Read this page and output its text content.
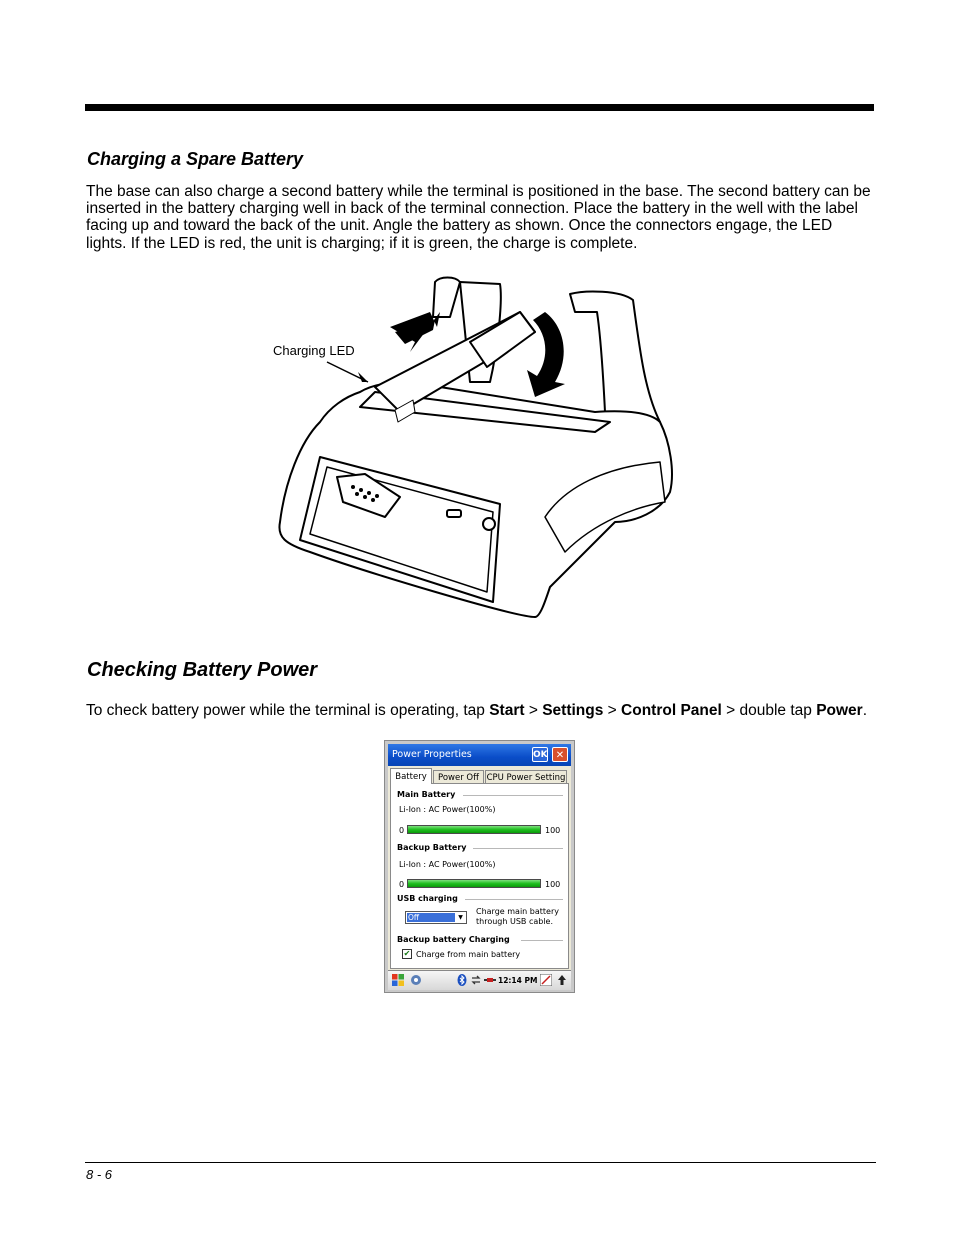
Charging a Spare Battery

The base can also charge a second battery while the terminal is positioned in the base. The second battery can be inserted in the battery charging well in back of the terminal connection. Place the battery in the well with the label facing up and toward the back of the unit. Angle the battery as shown. Once the connectors engage, the LED lights. If the LED is red, the unit is charging; if it is green, the charge is complete.

Charging LED
Checking Battery Power

To check battery power while the terminal is operating, tap Start > Settings > Control Panel > double tap Power.

Power Properties	OK ✕
Battery	Power Off CPU Power Setting
Main Battery
Li-Ion : AC Power(100%)
0	100
Backup Battery
Li-Ion : AC Power(100%)
0	100
USB charging
Off	▼
Charge main battery
through USB cable.
Backup battery Charging
✔ Charge from main battery
12:14 PM
8 - 6
